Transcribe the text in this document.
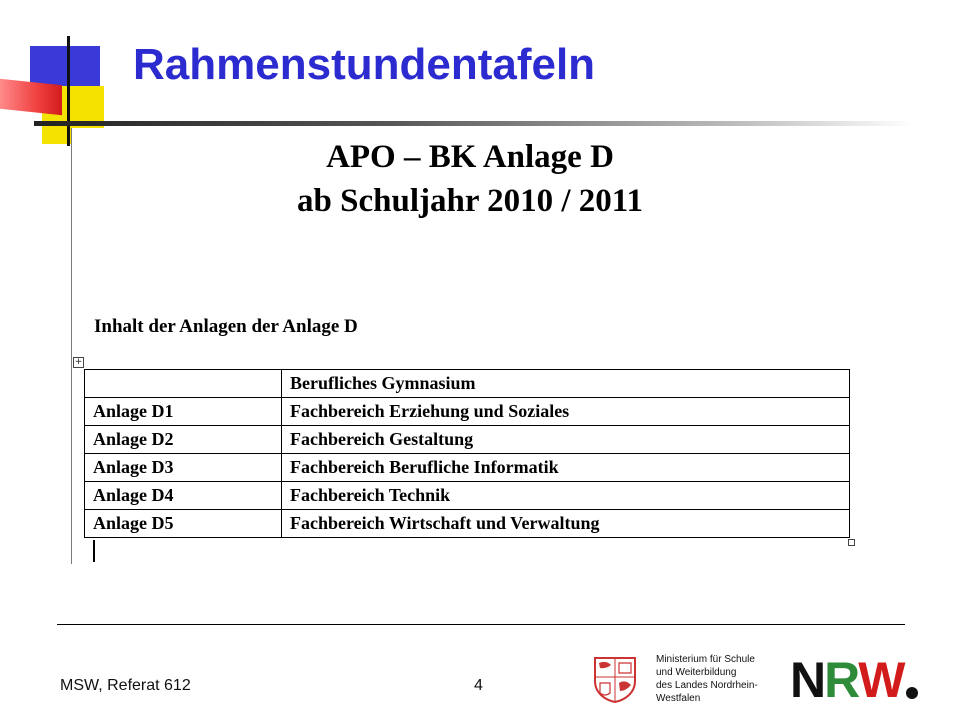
Rahmenstundentafeln
APO – BK Anlage D
ab Schuljahr 2010 / 2011
Inhalt der Anlagen der Anlage D
+
	Berufliches Gymnasium
Anlage D1	Fachbereich Erziehung und Soziales
Anlage D2	Fachbereich Gestaltung
Anlage D3	Fachbereich Berufliche Informatik
Anlage D4	Fachbereich Technik
Anlage D5	Fachbereich Wirtschaft und Verwaltung
MSW, Referat 612	4
Ministerium für Schule
und Weiterbildung
des Landes Nordrhein-
Westfalen	N R W
